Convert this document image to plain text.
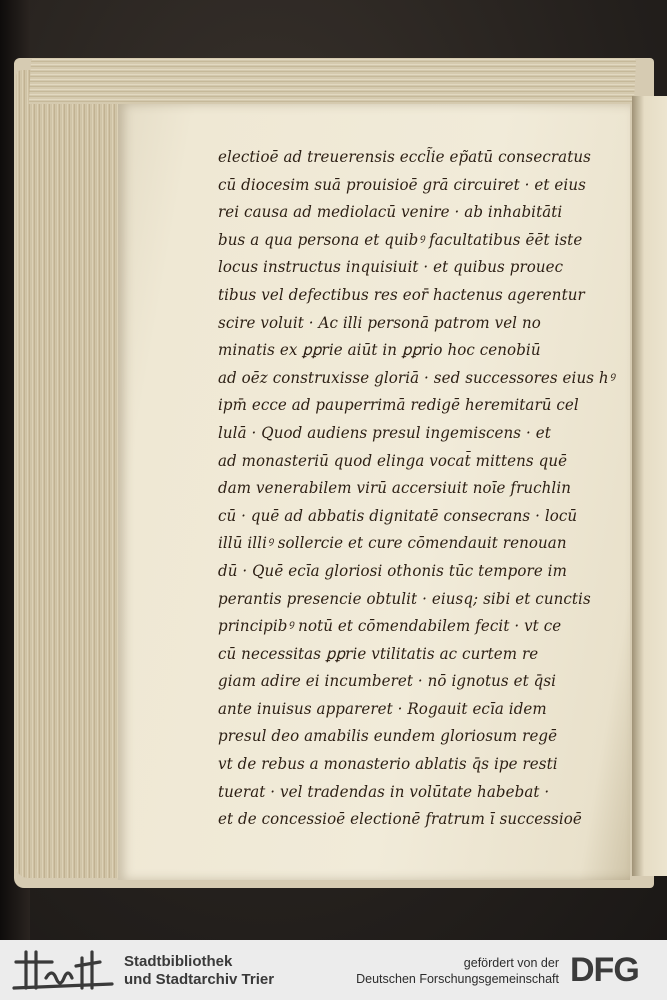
electioē ad treuerensis eccl̃ie ep̃atū consecratus
cū diocesim suā prouisioē grā circuiret · et eius
rei causa ad mediolacū venire · ab inhabitāti
bus a qua persona et quibꝰ facultatibus ēēt iste
locus instructus inquisiuit · et quibus prouec
tibus vel defectibus res eor̄ hactenus agerentur
scire voluit · Ac illi personā patrom vel no
minatis ex ꝑꝑrie aiūt in ꝑꝑrio hoc cenobiū
ad oēz construxisse gloriā · sed successores eius hꝰ
ipm̄ ecce ad pauperrimā redigē heremitarū cel
lulā · Quod audiens presul ingemiscens · et
ad monasteriū quod elinga vocat̄ mittens quē
dam venerabilem virū accersiuit noīe fruchlin
cū · quē ad abbatis dignitatē consecrans · locū
illū illiꝰ sollercie et cure cōmendauit renouan
dū · Quē ecīa gloriosi othonis tūc tempore im
perantis presencie obtulit · eiusq; sibi et cunctis
principibꝰ notū et cōmendabilem fecit · vt ce
cū necessitas ꝑꝑrie vtilitatis ac curtem re
giam adire ei incumberet · nō ignotus et q̄si
ante inuisus appareret · Rogauit ecīa idem
presul deo amabilis eundem gloriosum regē
vt de rebus a monasterio ablatis q̄s ipe resti
tuerat · vel tradendas in volūtate habebat ·
et de concessioē electionē fratrum ī successioē
Stadtbibliothek
und Stadtarchiv Trier
gefördert von der
Deutschen Forschungsgemeinschaft DFG
